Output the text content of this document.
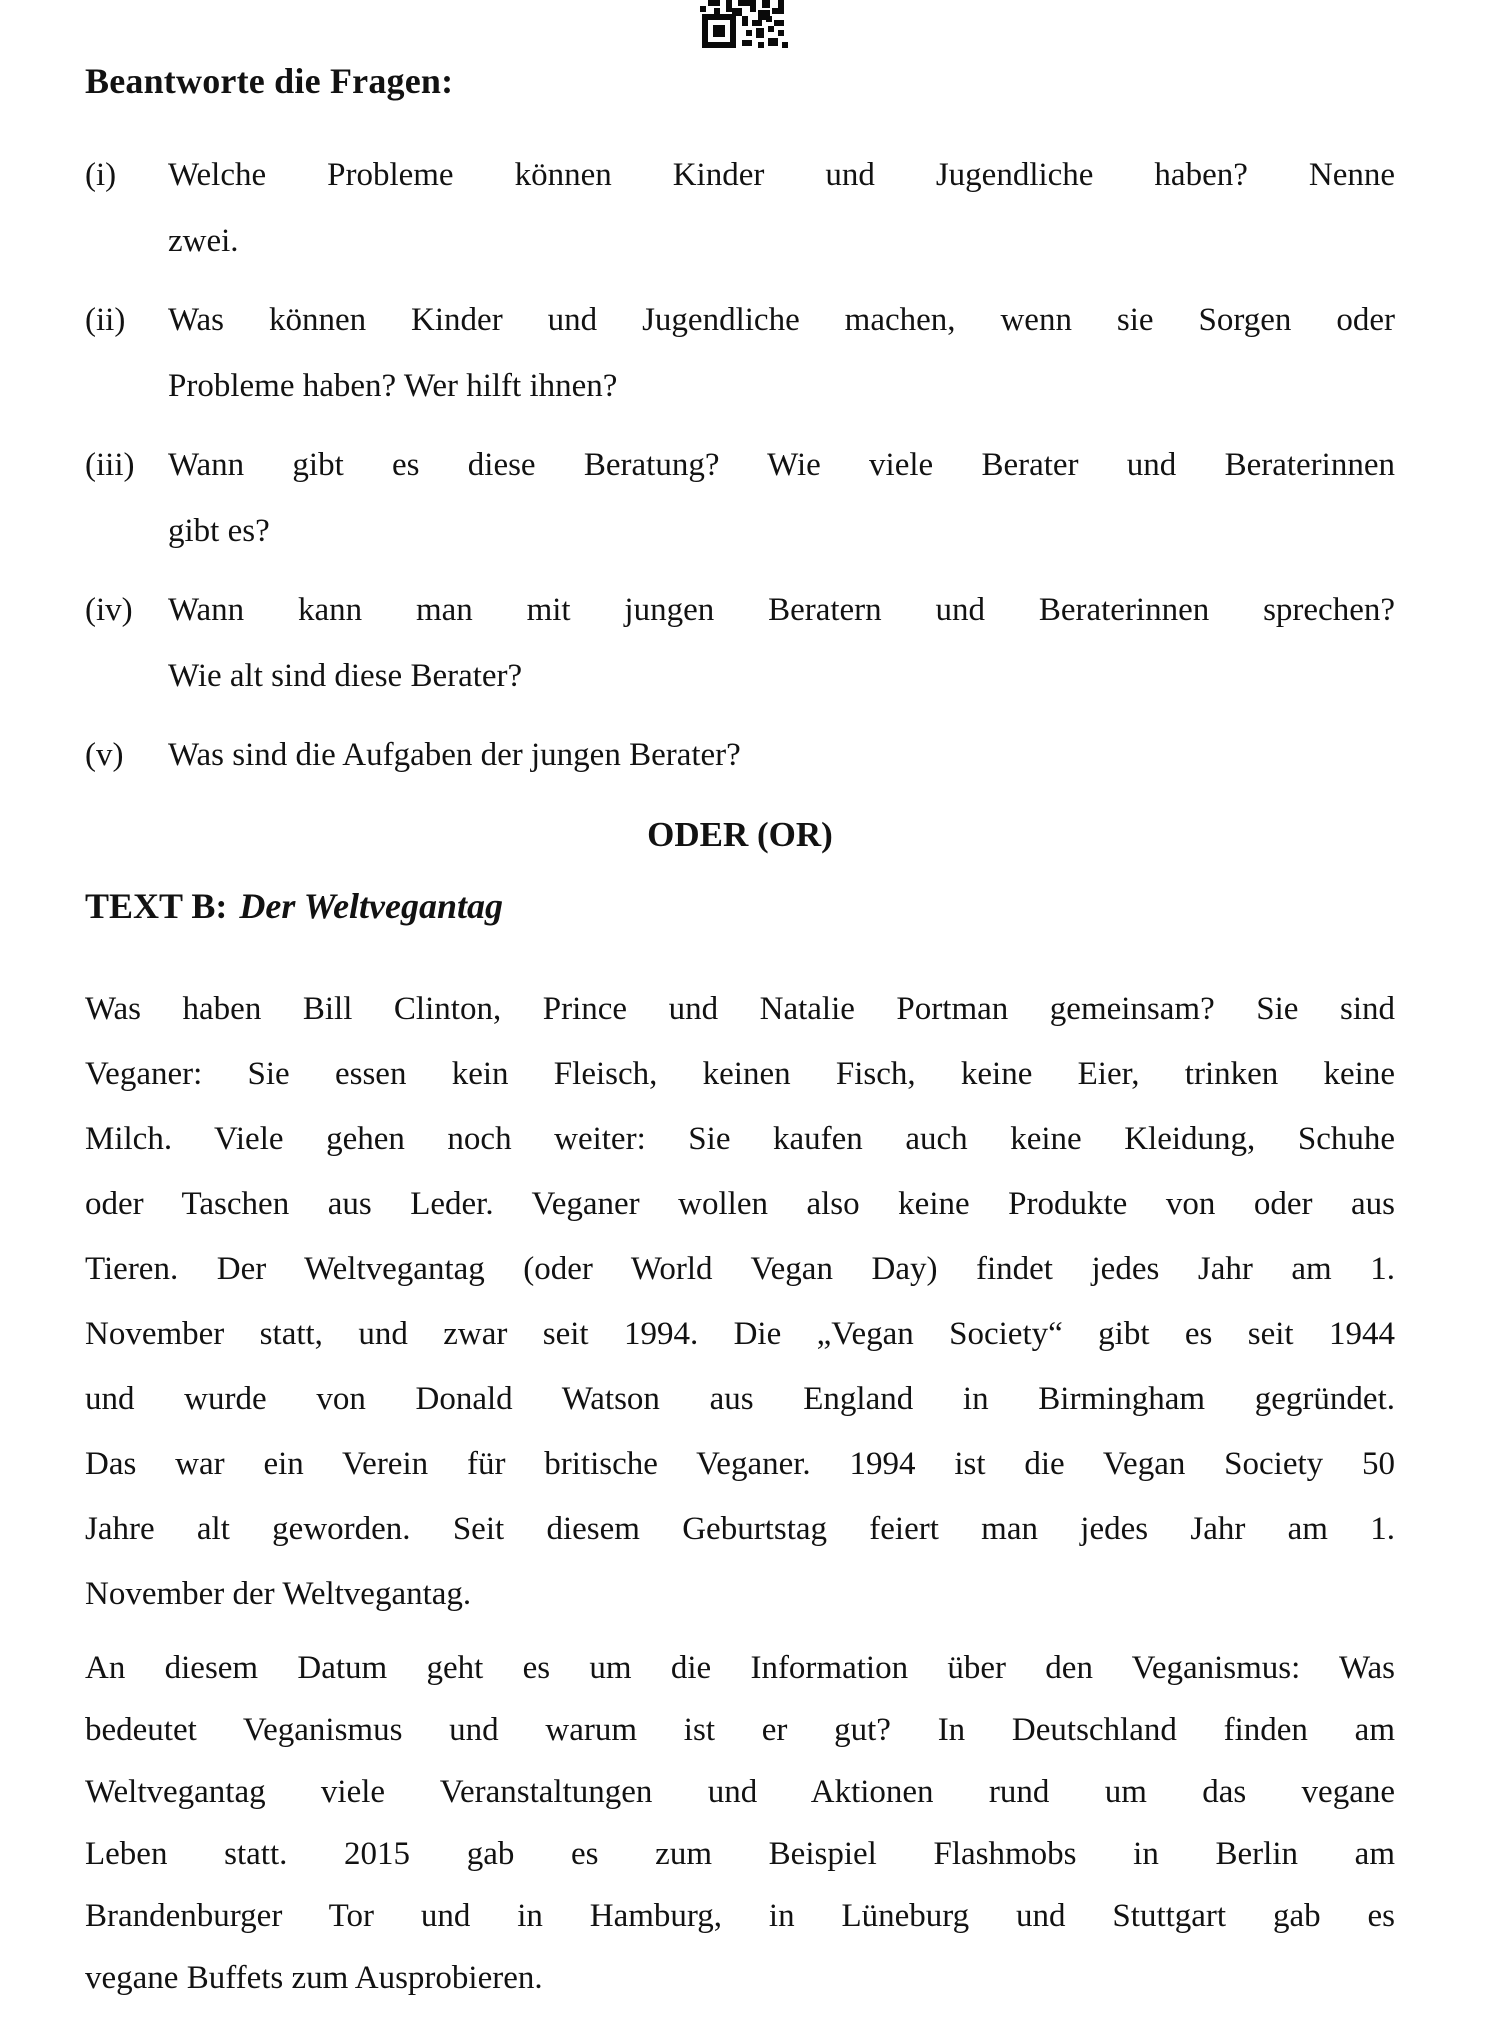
Beantworte die Fragen:
(i) Welche Probleme können Kinder und Jugendliche haben? Nenne
zwei.
(ii) Was können Kinder und Jugendliche machen, wenn sie Sorgen oder
Probleme haben? Wer hilft ihnen?
(iii) Wann gibt es diese Beratung? Wie viele Berater und Beraterinnen
gibt es?
(iv) Wann kann man mit jungen Beratern und Beraterinnen sprechen?
Wie alt sind diese Berater?
(v) Was sind die Aufgaben der jungen Berater?
ODER (OR)
TEXT B: Der Weltvegantag
Was haben Bill Clinton, Prince und Natalie Portman gemeinsam? Sie sind
Veganer: Sie essen kein Fleisch, keinen Fisch, keine Eier, trinken keine
Milch. Viele gehen noch weiter: Sie kaufen auch keine Kleidung, Schuhe
oder Taschen aus Leder. Veganer wollen also keine Produkte von oder aus
Tieren. Der Weltvegantag (oder World Vegan Day) findet jedes Jahr am 1.
November statt, und zwar seit 1994. Die „Vegan Society“ gibt es seit 1944
und wurde von Donald Watson aus England in Birmingham gegründet.
Das war ein Verein für britische Veganer. 1994 ist die Vegan Society 50
Jahre alt geworden. Seit diesem Geburtstag feiert man jedes Jahr am 1.
November der Weltvegantag.
An diesem Datum geht es um die Information über den Veganismus: Was
bedeutet Veganismus und warum ist er gut? In Deutschland finden am
Weltvegantag viele Veranstaltungen und Aktionen rund um das vegane
Leben statt. 2015 gab es zum Beispiel Flashmobs in Berlin am
Brandenburger Tor und in Hamburg, in Lüneburg und Stuttgart gab es
vegane Buffets zum Ausprobieren.
